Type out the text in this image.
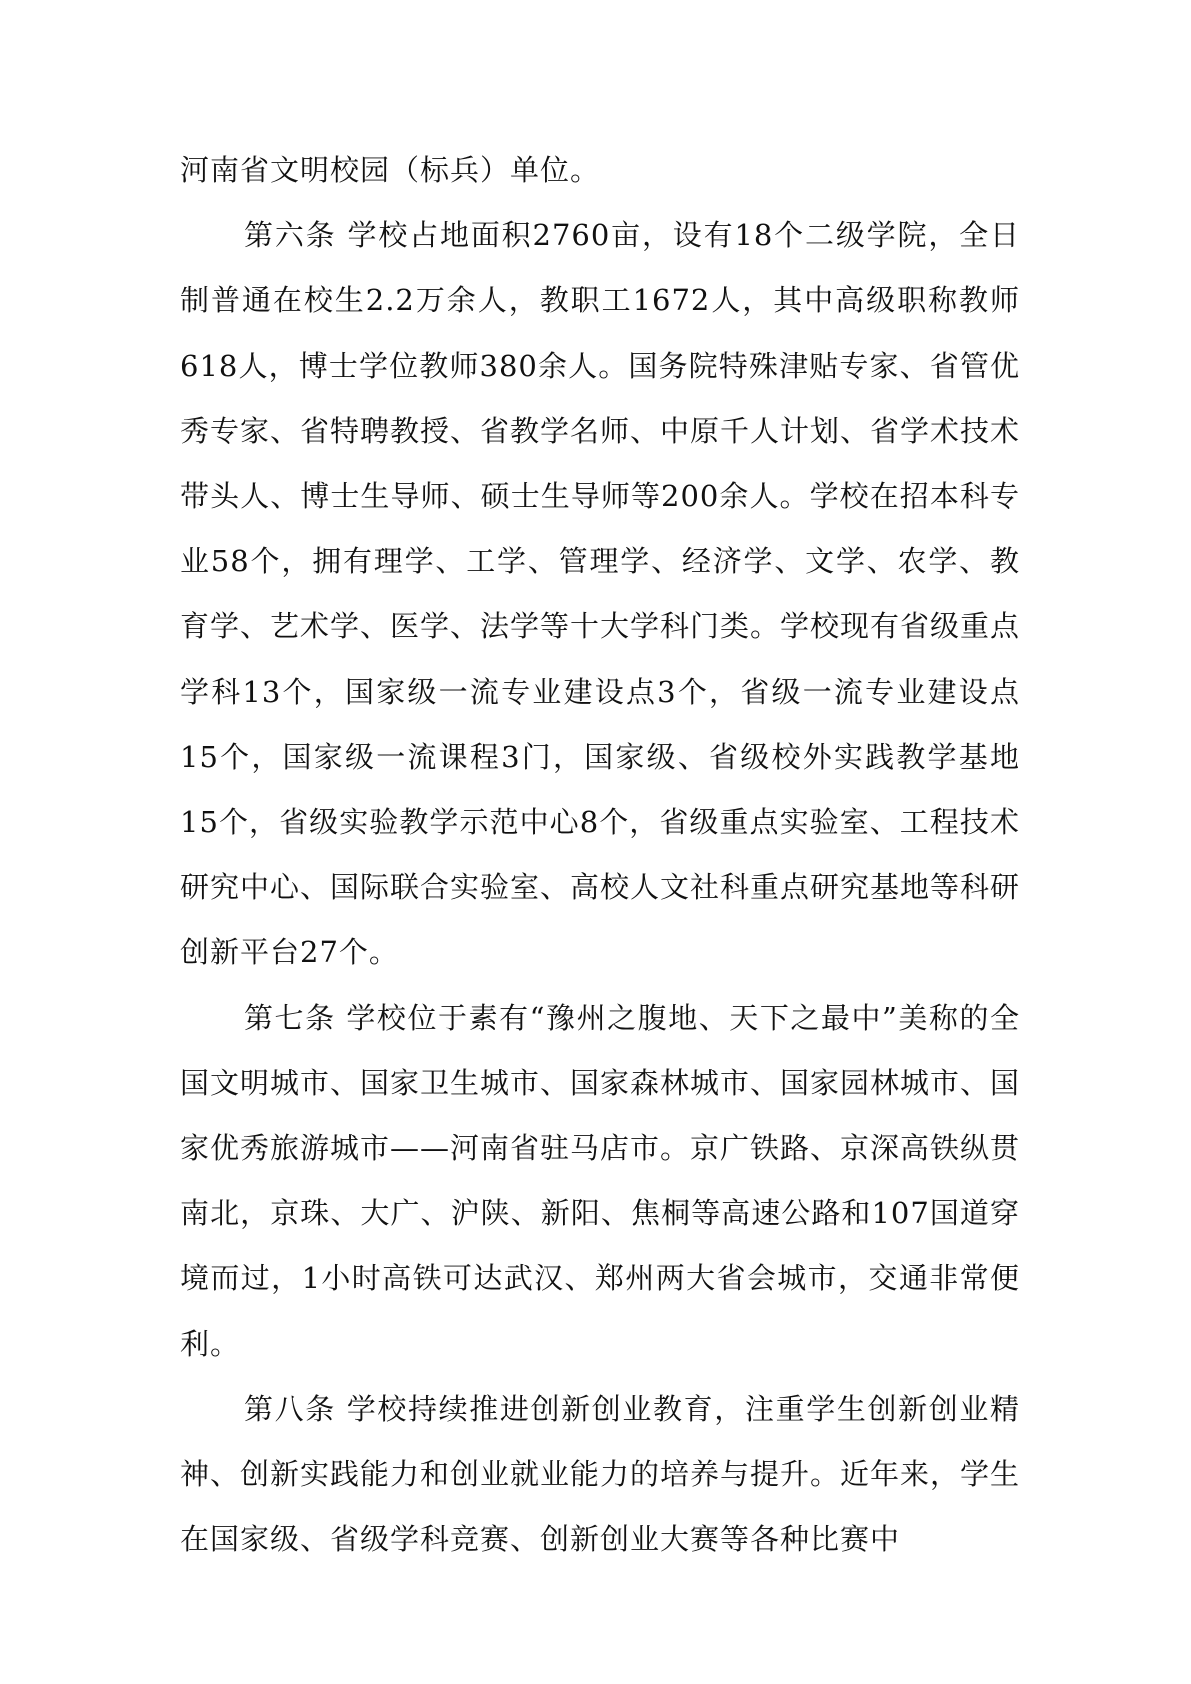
河南省文明校园（标兵）单位。

第六条 学校占地面积2760亩，设有18个二级学院，全日制普通在校生2.2万余人，教职工1672人，其中高级职称教师618人，博士学位教师380余人。国务院特殊津贴专家、省管优秀专家、省特聘教授、省教学名师、中原千人计划、省学术技术带头人、博士生导师、硕士生导师等200余人。学校在招本科专业58个，拥有理学、工学、管理学、经济学、文学、农学、教育学、艺术学、医学、法学等十大学科门类。学校现有省级重点学科13个，国家级一流专业建设点3个，省级一流专业建设点15个，国家级一流课程3门，国家级、省级校外实践教学基地15个，省级实验教学示范中心8个，省级重点实验室、工程技术研究中心、国际联合实验室、高校人文社科重点研究基地等科研创新平台27个。

第七条 学校位于素有“豫州之腹地、天下之最中”美称的全国文明城市、国家卫生城市、国家森林城市、国家园林城市、国家优秀旅游城市——河南省驻马店市。京广铁路、京深高铁纵贯南北，京珠、大广、沪陕、新阳、焦桐等高速公路和107国道穿境而过，1小时高铁可达武汉、郑州两大省会城市，交通非常便利。

第八条 学校持续推进创新创业教育，注重学生创新创业精神、创新实践能力和创业就业能力的培养与提升。近年来，学生在国家级、省级学科竞赛、创新创业大赛等各种比赛中
